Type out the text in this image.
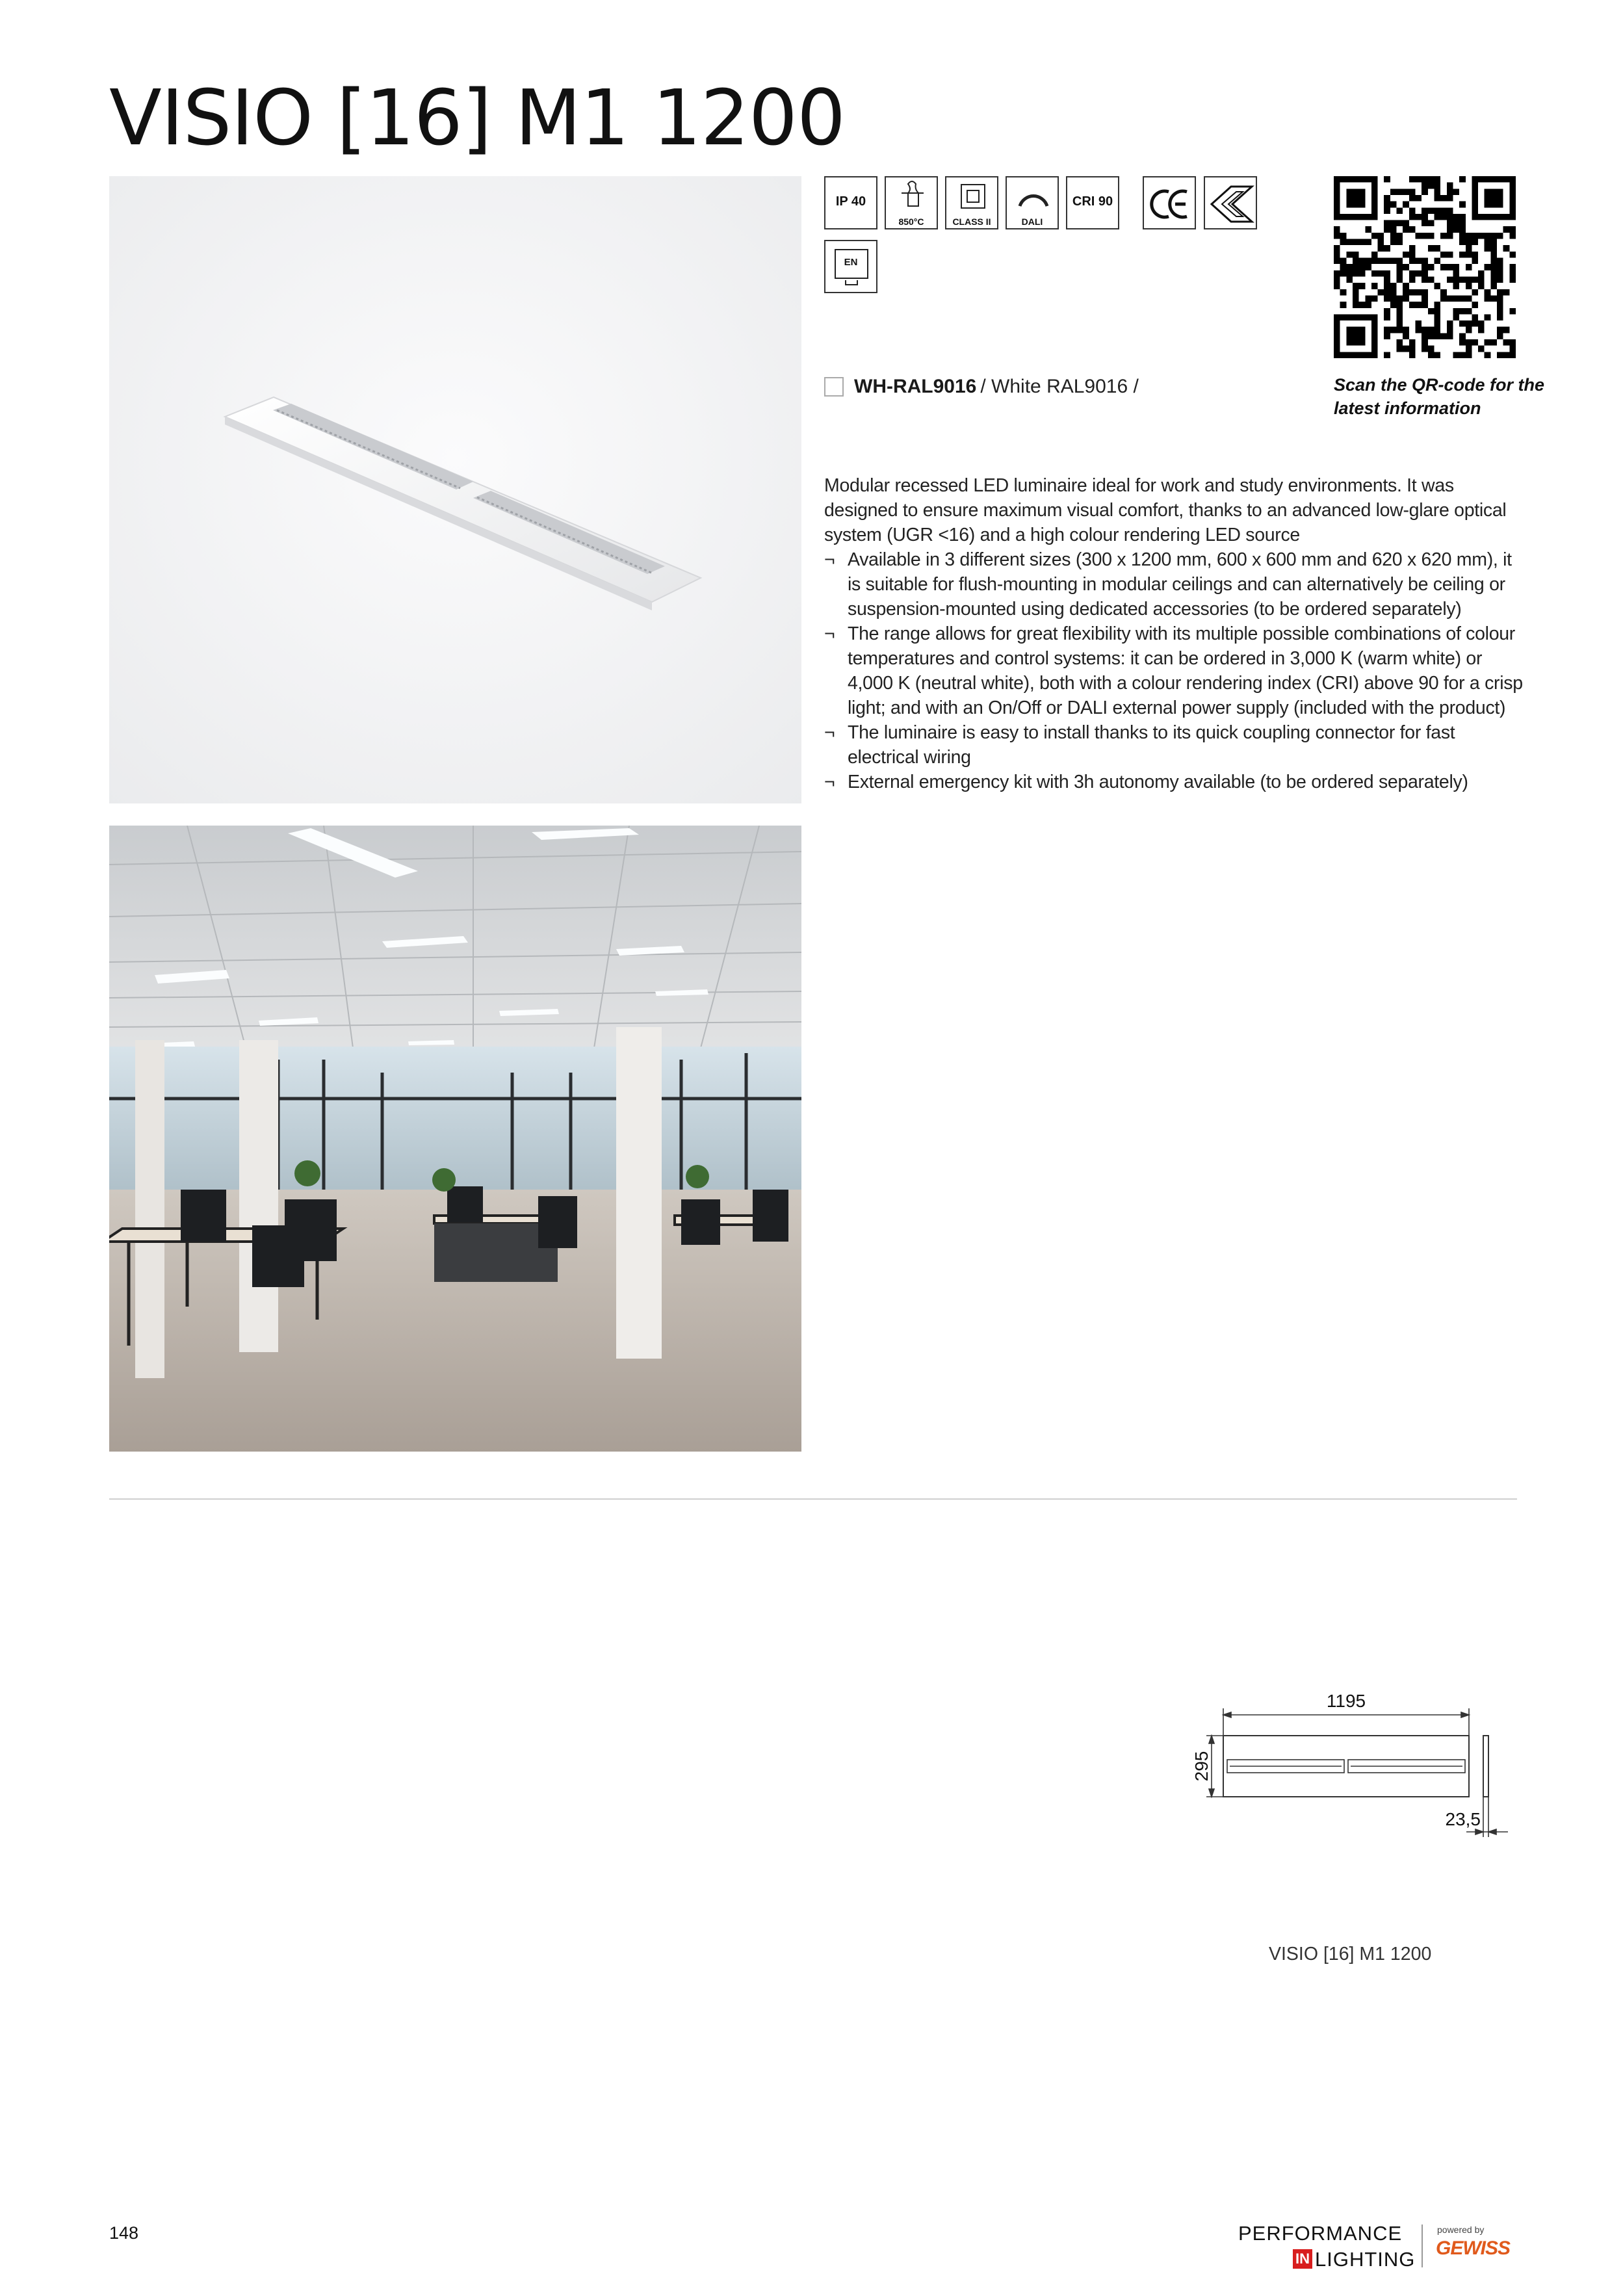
VISIO [16] M1 1200
IP 40
850°C	CLASS II	DALI
CRI 90
EN
Scan the QR-code for the
latest information
WH-RAL9016 / White RAL9016 /

Modular recessed LED luminaire ideal for work and study environments. It was designed to ensure maximum visual comfort, thanks to an advanced low-glare optical system (UGR <16) and a high colour rendering LED source

¬ Available in 3 different sizes (300 x 1200 mm, 600 x 600 mm and 620 x 620 mm), it is suitable for flush-mounting in modular ceilings and can alternatively be ceiling or suspension-mounted using dedicated accessories (to be ordered separately)
¬ The range allows for great flexibility with its multiple possible combinations of colour temperatures and control systems: it can be ordered in 3,000 K (warm white) or 4,000 K (neutral white), both with a colour rendering index (CRI) above 90 for a crisp light; and with an On/Off or DALI external power supply (included with the product)
¬ The luminaire is easy to install thanks to its quick coupling connector for fast electrical wiring
¬ External emergency kit with 3h autonomy available (to be ordered separately)
1195
295
23,5
VISIO [16] M1 1200
148	PERFORMANCE
IN LIGHTING
powered by
GEWISS
